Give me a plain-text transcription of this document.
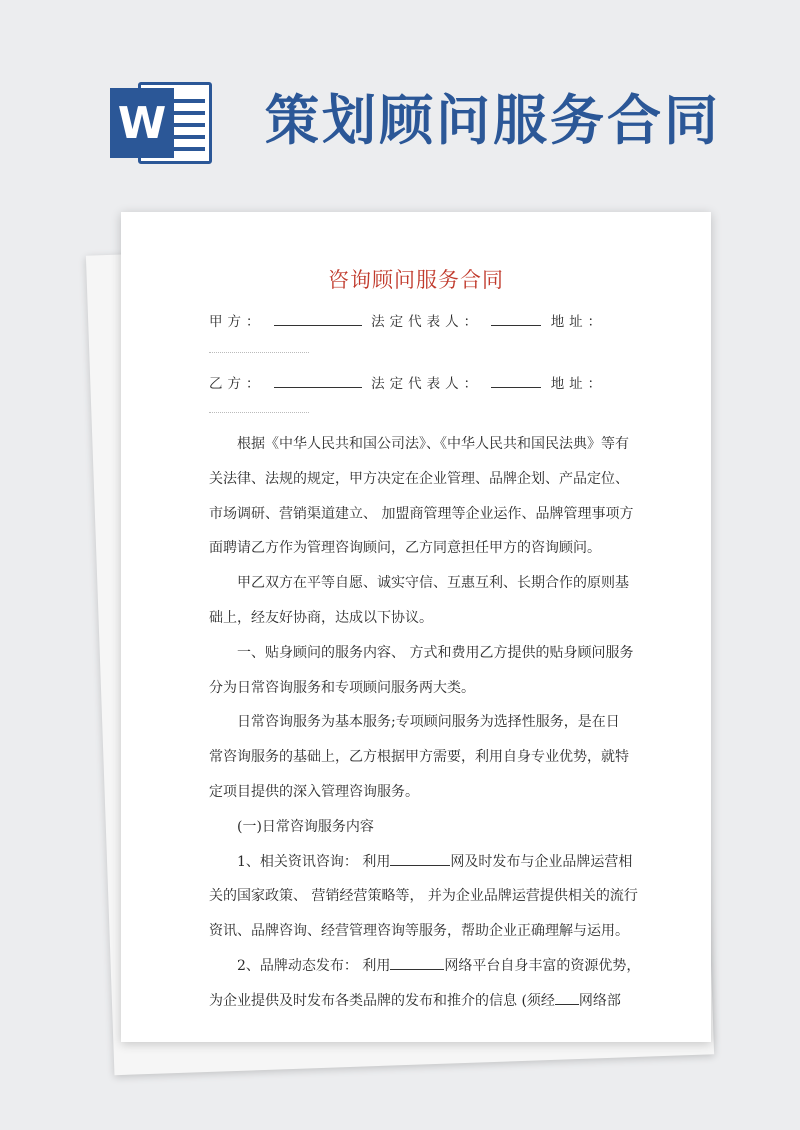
W 策划顾问服务合同
咨询顾问服务合同
甲方：	法定代表人：	地址：
乙方：	法定代表人：	地址：

根据《中华人民共和国公司法》、《中华人民共和国民法典》等有

关法律、法规的规定，甲方决定在企业管理、品牌企划、产品定位、

市场调研、营销渠道建立、 加盟商管理等企业运作、品牌管理事项方

面聘请乙方作为管理咨询顾问，乙方同意担任甲方的咨询顾问。

甲乙双方在平等自愿、诚实守信、互惠互利、长期合作的原则基

础上，经友好协商，达成以下协议。

一、贴身顾问的服务内容、 方式和费用乙方提供的贴身顾问服务

分为日常咨询服务和专项顾问服务两大类。

日常咨询服务为基本服务;专项顾问服务为选择性服务，是在日

常咨询服务的基础上，乙方根据甲方需要，利用自身专业优势，就特

定项目提供的深入管理咨询服务。

(一)日常咨询服务内容

1、相关资讯咨询： 利用	网及时发布与企业品牌运营相

关的国家政策、 营销经营策略等， 并为企业品牌运营提供相关的流行

资讯、品牌咨询、经营管理咨询等服务，帮助企业正确理解与运用。

2、品牌动态发布： 利用	网络平台自身丰富的资源优势，

为企业提供及时发布各类品牌的发布和推介的信息 (须经 网络部
